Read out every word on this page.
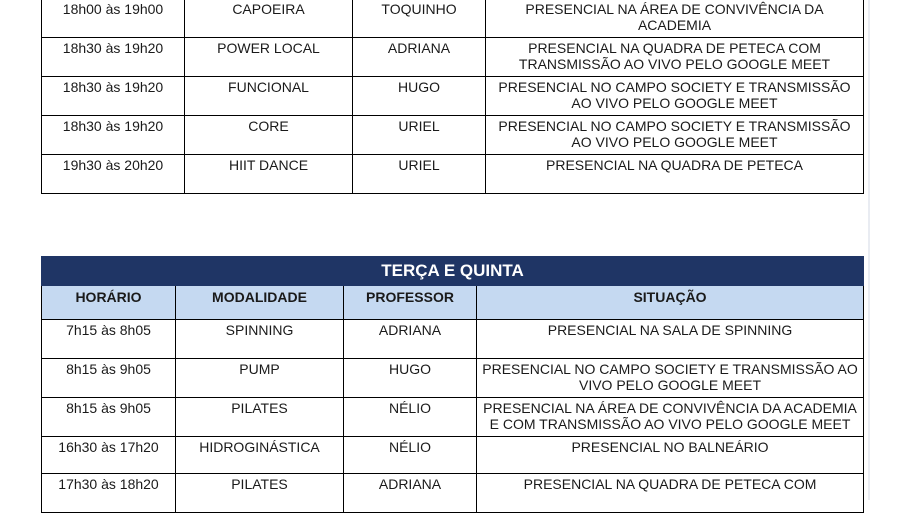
18h00 às 19h00	CAPOEIRA	TOQUINHO	PRESENCIAL NA ÁREA DE CONVIVÊNCIA DA ACADEMIA
18h30 às 19h20	POWER LOCAL	ADRIANA	PRESENCIAL NA QUADRA DE PETECA COM TRANSMISSÃO AO VIVO PELO GOOGLE MEET
18h30 às 19h20	FUNCIONAL	HUGO	PRESENCIAL NO CAMPO SOCIETY E TRANSMISSÃO AO VIVO PELO GOOGLE MEET
18h30 às 19h20	CORE	URIEL	PRESENCIAL NO CAMPO SOCIETY E TRANSMISSÃO AO VIVO PELO GOOGLE MEET
19h30 às 20h20	HIIT DANCE	URIEL	PRESENCIAL NA QUADRA DE PETECA
TERÇA E QUINTA			
HORÁRIO	MODALIDADE	PROFESSOR	SITUAÇÃO
7h15 às 8h05	SPINNING	ADRIANA	PRESENCIAL NA SALA DE SPINNING
8h15 às 9h05	PUMP	HUGO	PRESENCIAL NO CAMPO SOCIETY E TRANSMISSÃO AO VIVO PELO GOOGLE MEET
8h15 às 9h05	PILATES	NÉLIO	PRESENCIAL NA ÁREA DE CONVIVÊNCIA DA ACADEMIA E COM TRANSMISSÃO AO VIVO PELO GOOGLE MEET
16h30 às 17h20	HIDROGINÁSTICA	NÉLIO	PRESENCIAL NO BALNEÁRIO
17h30 às 18h20	PILATES	ADRIANA	PRESENCIAL NA QUADRA DE PETECA COM
